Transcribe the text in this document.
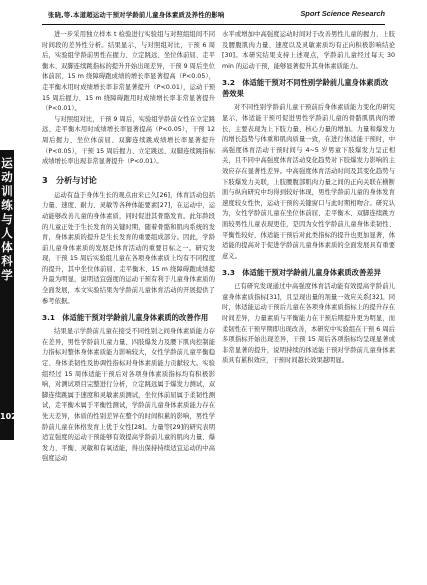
张晓,等.本道超运动干预对学龄前儿童身体素质及养性的影响	Sport Science Research
运动训练与人体科学
102

进一步采用独立样本 t 检验进行实验组与对照组组间不同时间段的差异性分析。结果显示，与对照组对比，干预 6 周后，实验组学龄前男性在握力、立定跳远、坐位体前屈、走平衡木、双脚连续跳指标的提升开始出现差异，干预 9 周后坐位体前屈、15 m 绕障碍跑成绩的增长率显著提高（P<0.05），走平衡木用时成绩增长率非常显著提升（P<0.01），运动干预 15 周后握力、15 m 绕障碍跑用时成绩增长率非常显著提升（P<0.01）。

与对照组对比，干预 9 周后，实验组学龄前女性在立定跳远、走平衡木用时成绩增长率显著提高（P<0.05），干预 12 周后握力、坐位体前屈、双脚连续跳成绩增长率显著提升（P<0.05），干预 15 周后握力、立定跳远、双脚连续跳指标成绩增长率出现非常显著提升（P<0.01）。

3　分析与讨论

运动有益于身体生长的观点由来已久[26]，体育活动包括力量、速度、耐力、灵敏等各种体能要素[27]，在运动中，运动能够改善儿童的身体素质，同时促进其骨骼发育。此年龄段的儿童正处于生长发育的关键时期，随着骨骼和肌肉系统的发育，身体素质的提升是生长发育的重要组成部分。因此，学龄前儿童身体素质的发展是体育活动的重要目标之一。研究发现，干预 15 周后实验组儿童在各项身体素质上均有不同程度的提升，其中坐位体前屈、走平衡木、15 m 绕障碍跑成绩提升最为明显，说明适宜强度的运动干预有利于儿童身体素质的全面发展，本文实验结果为学龄前儿童体育活动的开展提供了参考依据。

3.1　体适能干预对学龄前儿童身体素质的改善作用

结果显示学龄前儿童在接受不同性别之间身体素质能力存在差异，男性学龄前儿童力量、四肢爆发力及腰下肌肉控制能力指标对整体身体素质能力影响较大，女性学龄前儿童平衡稳定、身体柔韧性及协调性指标对身体素质能力贡献较大。实验组经过 15 周体适能干预后对各项身体素质指标均有积极影响，对测试项目完整进行分析，立定跳远属于爆发力测试，双脚连续跳属于速度和灵敏素质测试，坐位体前屈属于柔韧性测试，走平衡木属于平衡性测试，学龄前儿童身体素质能力存在先天差异，体质的性别差异在整个的时间积累的影响，男性学龄前儿童在体格发育上优于女性[28]。力量等[29]的研究表明适宜强度的运动干预能够有效提高学龄前儿童的肌肉力量、爆发力、平衡、灵敏和有氧适能，得出保持持续适宜运动的中高强度运动

水平或增加中高强度运动时间对于改善男性儿童的握力、上肢及腰腹肌肉力量、速度以及灵敏素质均有正向积极影响结论[30]。本研究结果支持上述观点，学龄前儿童经过每天 30 min 的运动干预，能够显著提升其身体素质能力。

3.2　体适能干预对不同性别学龄前儿童身体素质改善效果

对不同性别学龄前儿童干预前后身体素质能力变化的研究显示，体适能干预可促进男性学龄前儿童的骨骼肌肌肉的增长，主要表现为上下肢力量、核心力量的增加。力量和爆发力的增长趋势与体重和肌肉质量一致，在进行体适能干预时，中高强度体育活动干预时间与 4~5 岁男童下肢爆发力呈正相关，且不同中高强度体育活动变化趋势对下肢爆发力影响的主效应存在显著性差异。中高强度体育活动时间及其变化趋势与下肢爆发力关联，上肢腰腹部肌肉力量之间的正向关联在横断面与纵向研究中均得到较好体现，男性学龄前儿童的身体发育速度较女性快，运动干预的关键窗口与此时期相吻合。研究认为，女性学龄前儿童在坐位体前屈、走平衡木、双脚连续跳方面较男性儿童表现更佳，是因为女性学龄前儿童身体柔韧性、平衡性较好，体适能干预后对此类指标的提升也更加显著，体适能的提高对于促进学龄前儿童身体素质的全面发展具有重要意义。

3.3　体适能干预对学龄前儿童身体素质改善差异

已有研究发现通过中高强度体育活动能有效提高学龄前儿童身体素质指标[31]，且呈现出量的剂量一效应关系[32]。同时，体适能运动干预后儿童在各项身体素质指标上的提升存在时间差异，力量素质与平衡能力在干预后期提升更为明显，而柔韧性在干预早期即出现改善，本研究中实验组在干预 6 周后多项指标开始出现差异，干预 15 周后各项指标均呈现显著或非常显著的提升，说明持续的体适能干预对学龄前儿童身体素质具有累积效应，干预时间越长效果越明显。
